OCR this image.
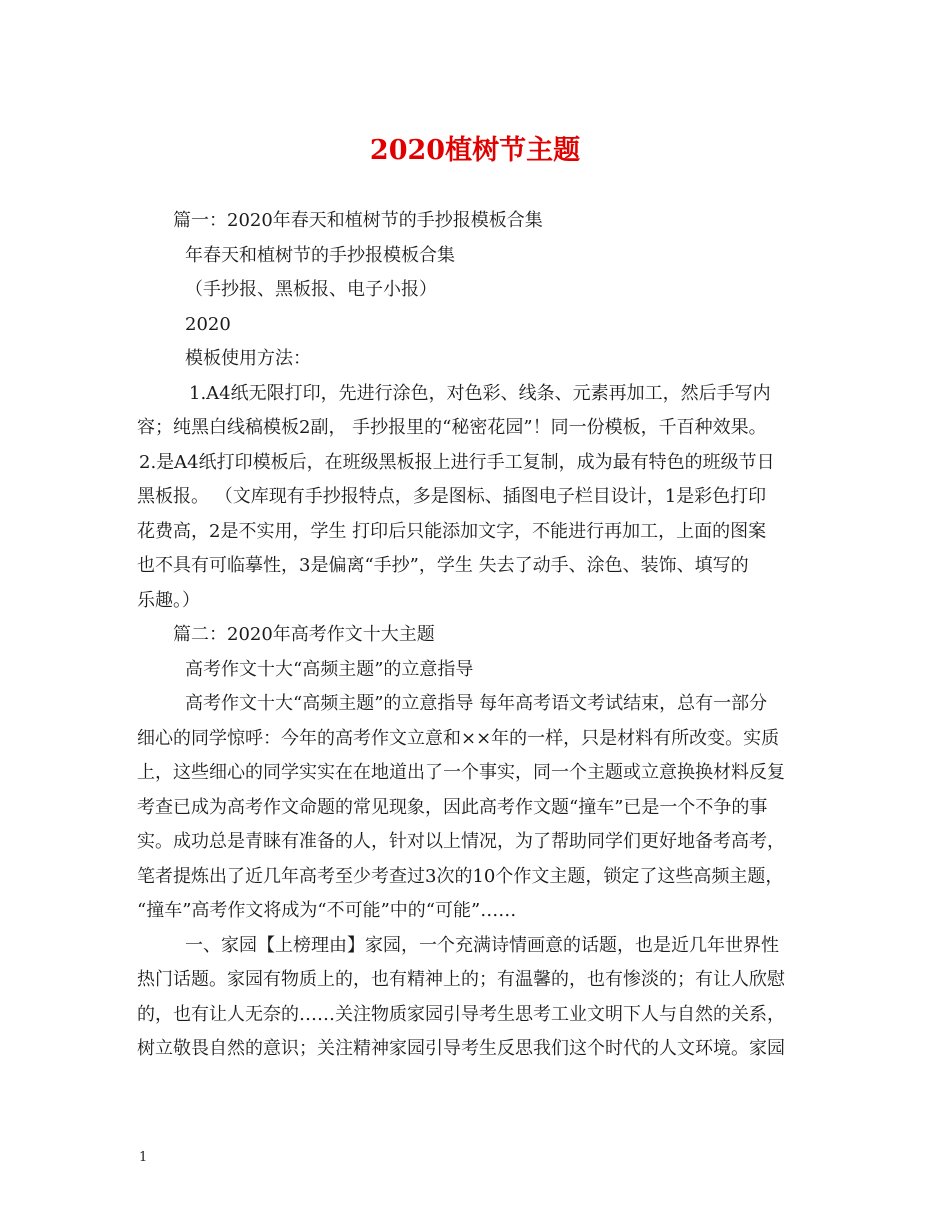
2020植树节主题
篇一：2020年春天和植树节的手抄报模板合集
年春天和植树节的手抄报模板合集
（手抄报、黑板报、电子小报）
2020
模板使用方法：
1.A4纸无限打印，先进行涂色，对色彩、线条、元素再加工，然后手写内
容；纯黑白线稿模板2副， 手抄报里的“秘密花园”！同一份模板，千百种效果。
2.是A4纸打印模板后，在班级黑板报上进行手工复制，成为最有特色的班级节日
黑板报。 （文库现有手抄报特点，多是图标、插图电子栏目设计，1是彩色打印
花费高，2是不实用，学生 打印后只能添加文字，不能进行再加工，上面的图案
也不具有可临摹性，3是偏离“手抄”，学生 失去了动手、涂色、装饰、填写的
乐趣。）
篇二：2020年高考作文十大主题
高考作文十大“高频主题”的立意指导
高考作文十大“高频主题”的立意指导 每年高考语文考试结束，总有一部分
细心的同学惊呼：今年的高考作文立意和××年的一样，只是材料有所改变。实质
上，这些细心的同学实实在在地道出了一个事实，同一个主题或立意换换材料反复
考查已成为高考作文命题的常见现象，因此高考作文题“撞车”已是一个不争的事
实。成功总是青睐有准备的人，针对以上情况，为了帮助同学们更好地备考高考，
笔者提炼出了近几年高考至少考查过3次的10个作文主题，锁定了这些高频主题，
“撞车”高考作文将成为“不可能”中的“可能”……
一、家园【上榜理由】家园，一个充满诗情画意的话题，也是近几年世界性
热门话题。家园有物质上的，也有精神上的；有温馨的，也有惨淡的；有让人欣慰
的，也有让人无奈的……关注物质家园引导考生思考工业文明下人与自然的关系，
树立敬畏自然的意识；关注精神家园引导考生反思我们这个时代的人文环境。家园
1
